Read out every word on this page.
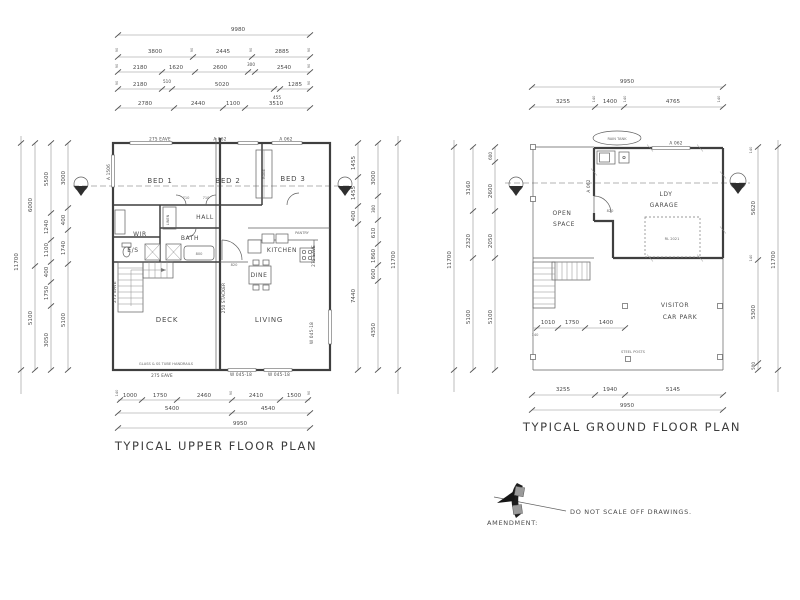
BED 1	BED 2	BED 3
WIR
E/S
BATH
HALL
KITCHEN
DINE
DECK	LIVING
PANTRY
LINEN
ROBE
275 EAVE
275 EAVE
275 EAVE
275 EAVE
A 062	A 062
A 1506
250 STACKER
W 045-18
W 045-18	W 045-18
GLASS & SS TUBE HANDRAILS
710	710
800
820
9980
3800	2445	2885
2180	1620	2600
300
2540
2180
510
5020	1285
455
2780	2440	1100	3510
90	90	90	90
90	90
90	90
1000	1750	2460	2410	1500
140	90	90
5400	4540
9950
TYPICAL UPPER FLOOR PLAN
11700
6000
5100
5500
1240
1100
400
1750
3050
3000
400
1740
5100
1455
1455
400
7440
3000
300
610
1860
600
4350
11700
RAIN TANK
RL 2021
STEEL POSTS
OPEN
SPACE
LDY
GARAGE
VISITOR
CAR PARK
820
A 062
A 062
1010 1750	1400
140
9950
3255	1400	4765
140	140	140
3255	1940	5145
9950
TYPICAL GROUND FLOOR PLAN
11700
3160
2320
5100
600
2600
2050
5100
5620
5300
500
140
140	11700
AMENDMENT:
DO NOT SCALE OFF DRAWINGS.
